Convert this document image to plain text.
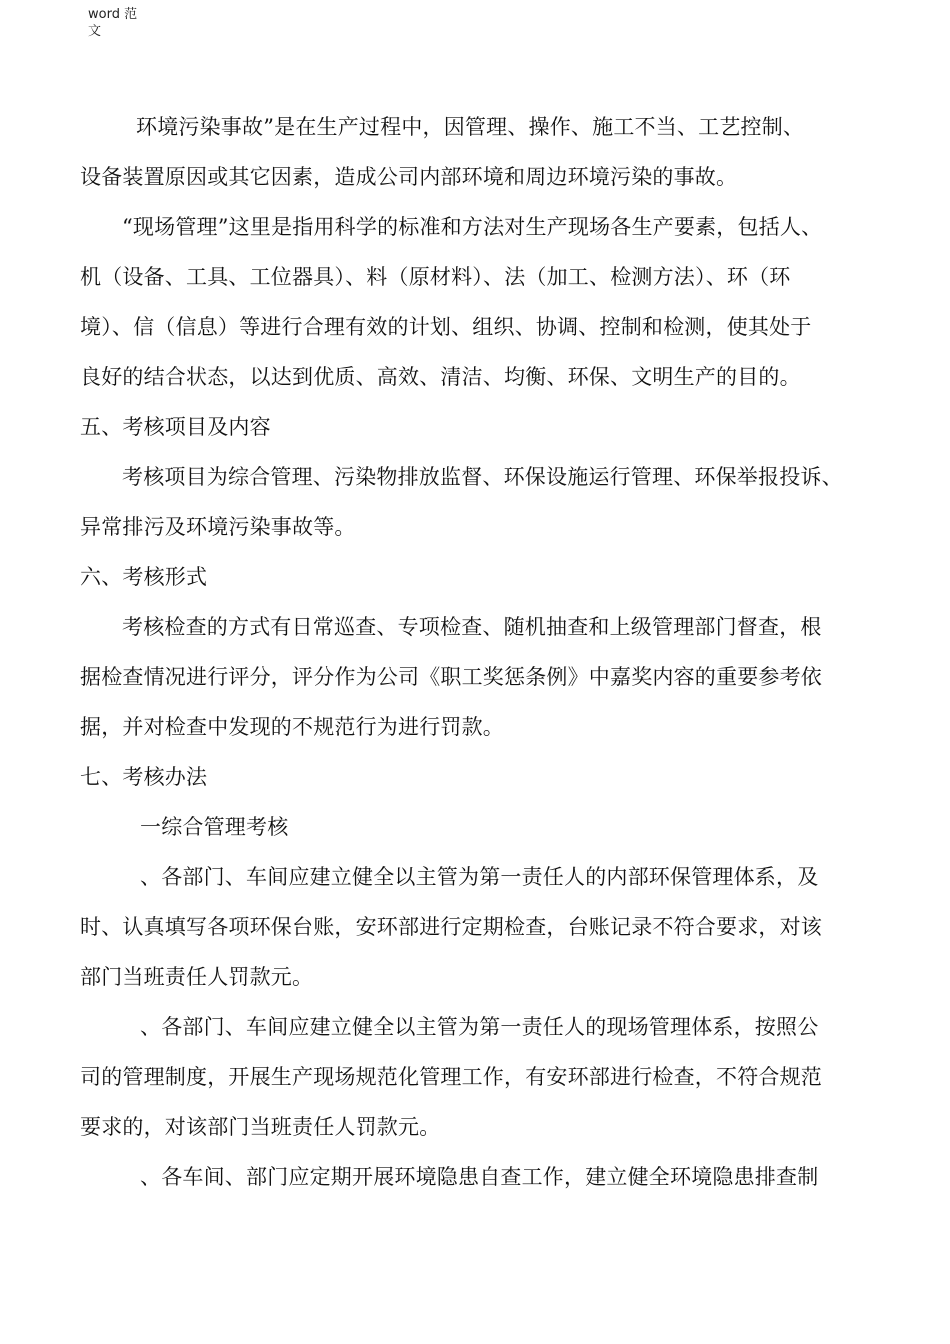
word 范
文
环境污染事故”是在生产过程中，因管理、操作、施工不当、工艺控制、
设备装置原因或其它因素，造成公司内部环境和周边环境污染的事故。
“现场管理”这里是指用科学的标准和方法对生产现场各生产要素，包括人、
机（设备、工具、工位器具）、料（原材料）、法（加工、检测方法）、环（环
境）、信（信息）等进行合理有效的计划、组织、协调、控制和检测，使其处于
良好的结合状态，以达到优质、高效、清洁、均衡、环保、文明生产的目的。
五、考核项目及内容
考核项目为综合管理、污染物排放监督、环保设施运行管理、环保举报投诉、
异常排污及环境污染事故等。
六、考核形式
考核检查的方式有日常巡查、专项检查、随机抽查和上级管理部门督查，根
据检查情况进行评分，评分作为公司《职工奖惩条例》中嘉奖内容的重要参考依
据，并对检查中发现的不规范行为进行罚款。
七、考核办法
一综合管理考核
、各部门、车间应建立健全以主管为第一责任人的内部环保管理体系，及
时、认真填写各项环保台账，安环部进行定期检查，台账记录不符合要求，对该
部门当班责任人罚款元。
、各部门、车间应建立健全以主管为第一责任人的现场管理体系，按照公
司的管理制度，开展生产现场规范化管理工作，有安环部进行检查，不符合规范
要求的，对该部门当班责任人罚款元。
、各车间、部门应定期开展环境隐患自查工作，建立健全环境隐患排查制
